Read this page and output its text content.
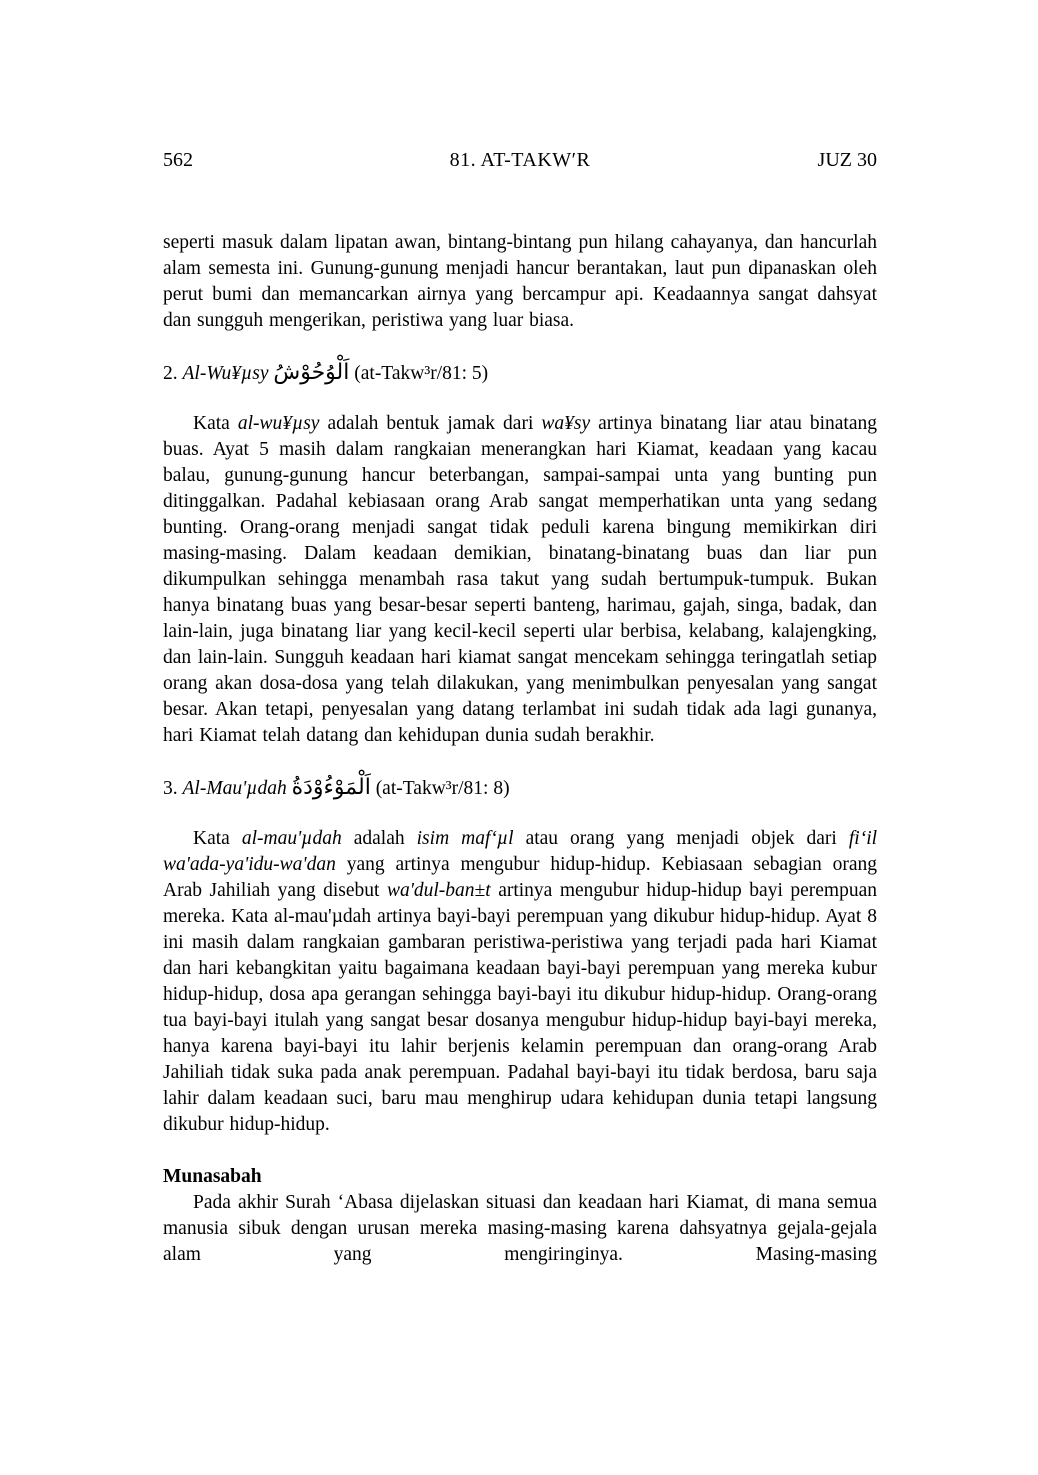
562	81. AT-TAKW′R	JUZ 30

seperti masuk dalam lipatan awan, bintang-bintang pun hilang cahayanya, dan hancurlah alam semesta ini. Gunung-gunung menjadi hancur berantakan, laut pun dipanaskan oleh perut bumi dan memancarkan airnya yang bercampur api. Keadaannya sangat dahsyat dan sungguh mengerikan, peristiwa yang luar biasa.

2. Al-Wu¥µsy اَلْوُحُوْشُ (at-Takw³r/81: 5)

Kata al-wu¥µsy adalah bentuk jamak dari wa¥sy artinya binatang liar atau binatang buas. Ayat 5 masih dalam rangkaian menerangkan hari Kiamat, keadaan yang kacau balau, gunung-gunung hancur beterbangan, sampai-sampai unta yang bunting pun ditinggalkan. Padahal kebiasaan orang Arab sangat memperhatikan unta yang sedang bunting. Orang-orang menjadi sangat tidak peduli karena bingung memikirkan diri masing-masing. Dalam keadaan demikian, binatang-binatang buas dan liar pun dikumpulkan sehingga menambah rasa takut yang sudah bertumpuk-tumpuk. Bukan hanya binatang buas yang besar-besar seperti banteng, harimau, gajah, singa, badak, dan lain-lain, juga binatang liar yang kecil-kecil seperti ular berbisa, kelabang, kalajengking, dan lain-lain. Sungguh keadaan hari kiamat sangat mencekam sehingga teringatlah setiap orang akan dosa-dosa yang telah dilakukan, yang menimbulkan penyesalan yang sangat besar. Akan tetapi, penyesalan yang datang terlambat ini sudah tidak ada lagi gunanya, hari Kiamat telah datang dan kehidupan dunia sudah berakhir.

3. Al-Mau'µdah اَلْمَوْءُوْدَةُ (at-Takw³r/81: 8)

Kata al-mau'µdah adalah isim maf‘µl atau orang yang menjadi objek dari fi‘il wa'ada-ya'idu-wa'dan yang artinya mengubur hidup-hidup. Kebiasaan sebagian orang Arab Jahiliah yang disebut wa'dul-ban±t artinya mengubur hidup-hidup bayi perempuan mereka. Kata al-mau'µdah artinya bayi-bayi perempuan yang dikubur hidup-hidup. Ayat 8 ini masih dalam rangkaian gambaran peristiwa-peristiwa yang terjadi pada hari Kiamat dan hari kebangkitan yaitu bagaimana keadaan bayi-bayi perempuan yang mereka kubur hidup-hidup, dosa apa gerangan sehingga bayi-bayi itu dikubur hidup-hidup. Orang-orang tua bayi-bayi itulah yang sangat besar dosanya mengubur hidup-hidup bayi-bayi mereka, hanya karena bayi-bayi itu lahir berjenis kelamin perempuan dan orang-orang Arab Jahiliah tidak suka pada anak perempuan. Padahal bayi-bayi itu tidak berdosa, baru saja lahir dalam keadaan suci, baru mau menghirup udara kehidupan dunia tetapi langsung dikubur hidup-hidup.

Munasabah

Pada akhir Surah ‘Abasa dijelaskan situasi dan keadaan hari Kiamat, di mana semua manusia sibuk dengan urusan mereka masing-masing karena dahsyatnya gejala-gejala alam yang mengiringinya. Masing-masing
